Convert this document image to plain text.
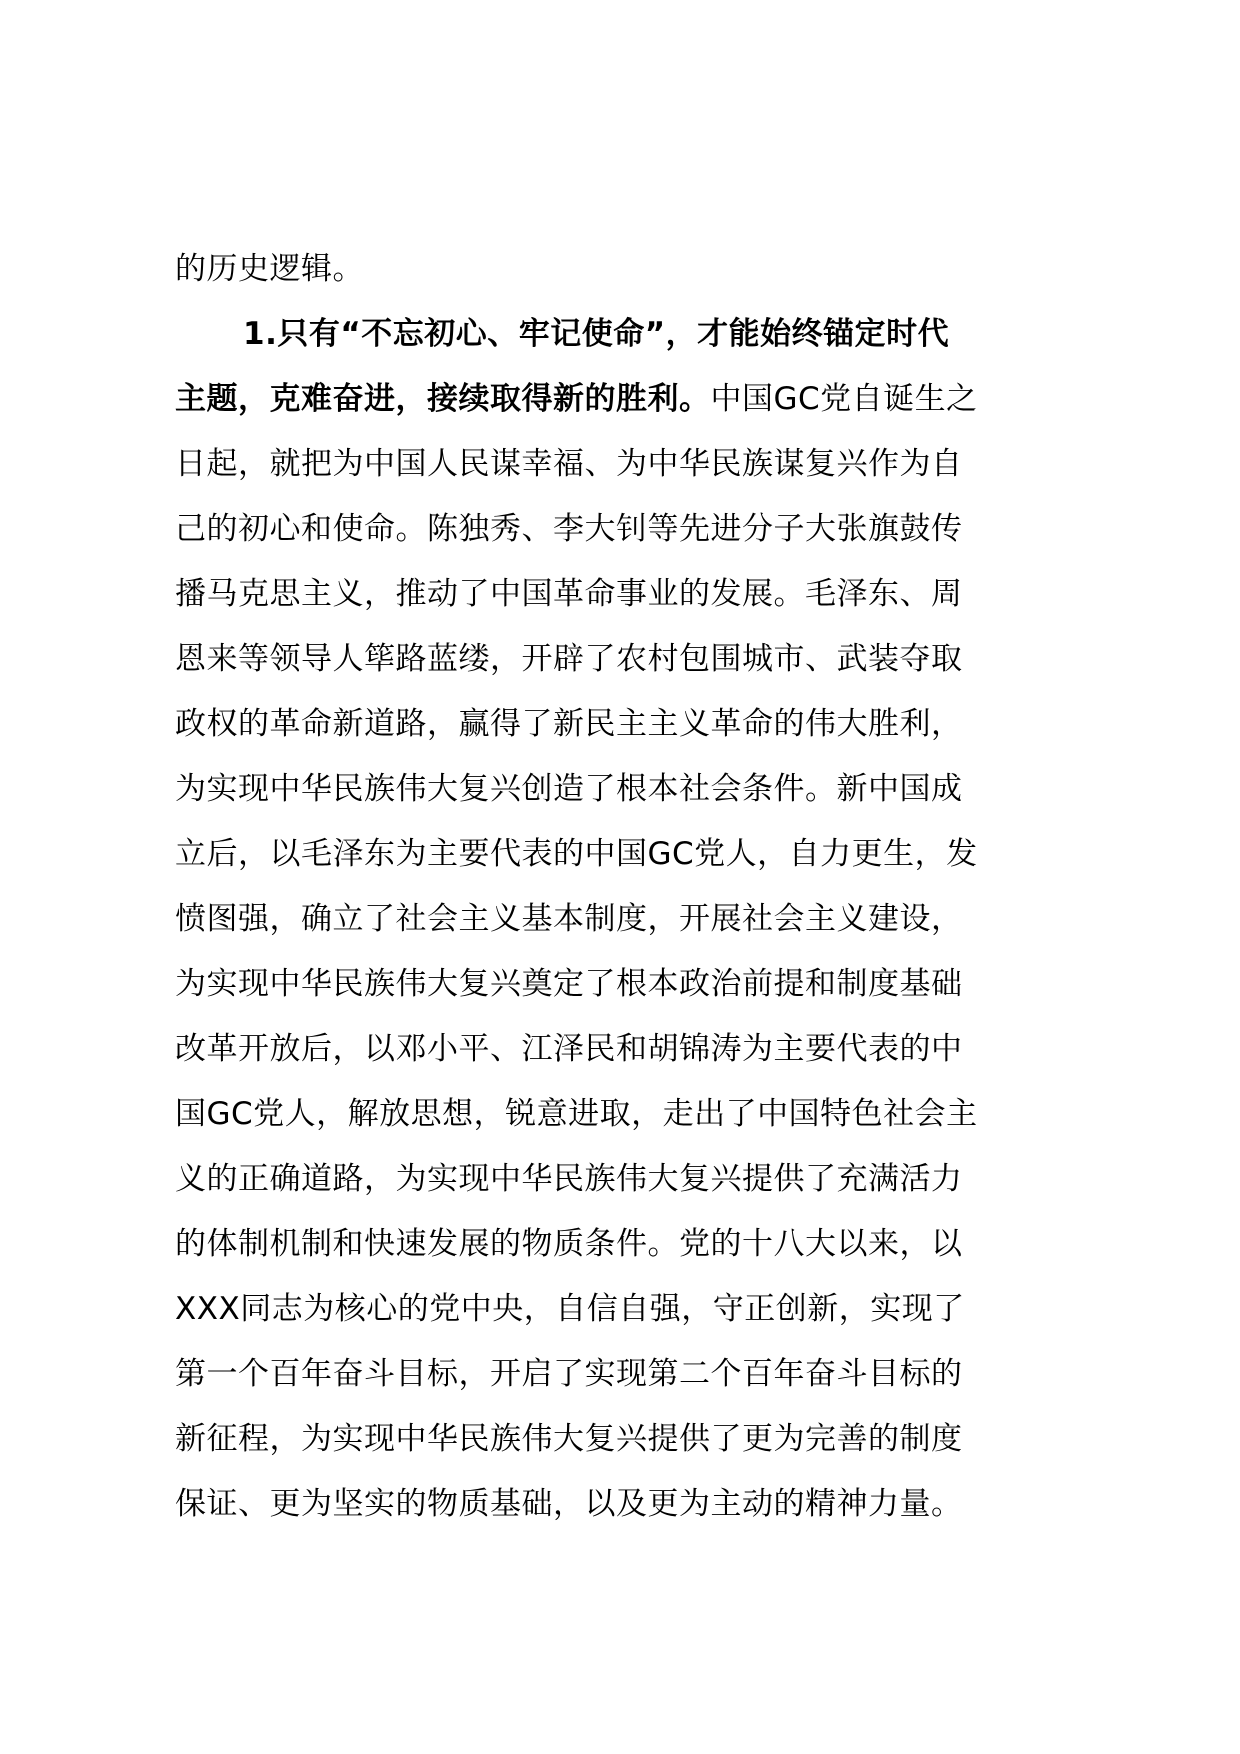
的历史逻辑。
1.只有“不忘初心、牢记使命”，才能始终锚定时代
主题，克难奋进，接续取得新的胜利。中国GC党自诞生之
日起，就把为中国人民谋幸福、为中华民族谋复兴作为自
己的初心和使命。陈独秀、李大钊等先进分子大张旗鼓传
播马克思主义，推动了中国革命事业的发展。毛泽东、周
恩来等领导人筚路蓝缕，开辟了农村包围城市、武装夺取
政权的革命新道路，赢得了新民主主义革命的伟大胜利，
为实现中华民族伟大复兴创造了根本社会条件。新中国成
立后，以毛泽东为主要代表的中国GC党人，自力更生，发
愤图强，确立了社会主义基本制度，开展社会主义建设，
为实现中华民族伟大复兴奠定了根本政治前提和制度基础
改革开放后，以邓小平、江泽民和胡锦涛为主要代表的中
国GC党人，解放思想，锐意进取，走出了中国特色社会主
义的正确道路，为实现中华民族伟大复兴提供了充满活力
的体制机制和快速发展的物质条件。党的十八大以来，以
XXX同志为核心的党中央，自信自强，守正创新，实现了
第一个百年奋斗目标，开启了实现第二个百年奋斗目标的
新征程，为实现中华民族伟大复兴提供了更为完善的制度
保证、更为坚实的物质基础，以及更为主动的精神力量。
